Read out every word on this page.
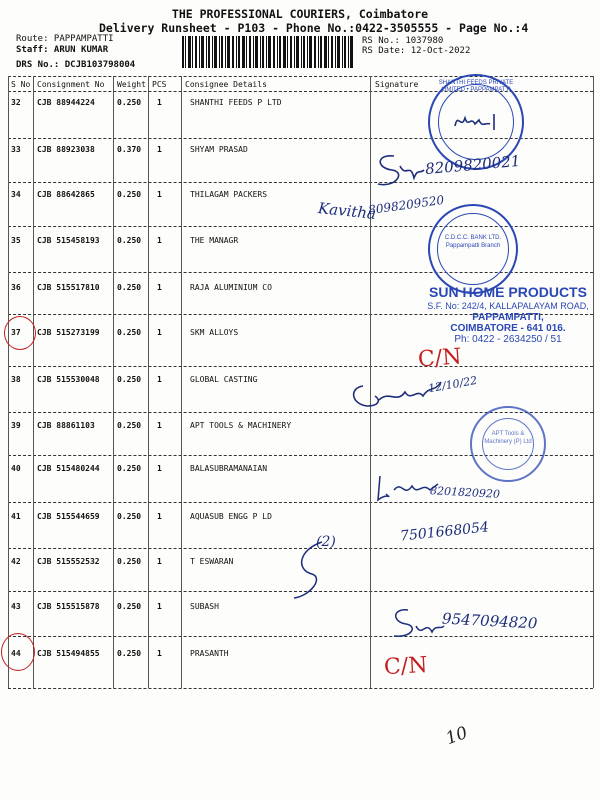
THE PROFESSIONAL COURIERS, Coimbatore
Delivery Runsheet - P103 - Phone No.:0422-3505555 - Page No.:4
Route: PAPPAMPATTI
Staff: ARUN KUMAR
DRS No.: DCJB103798004
RS No.: 1037980
RS Date: 12-Oct-2022
S No Consignment No Weight PCS Consignee Details	Signature
32 CJB 88944224	0.250 1	SHANTHI FEEDS P LTD
33 CJB 88923038	0.370 1	SHYAM PRASAD
34 CJB 88642865	0.250 1	THILAGAM PACKERS
35 CJB 515458193 0.250 1	THE MANAGR
36 CJB 515517810 0.250 1	RAJA ALUMINIUM CO
37 CJB 515273199 0.250 1	SKM ALLOYS
38 CJB 515530048 0.250 1	GLOBAL CASTING
39 CJB 88861103	0.250 1	APT TOOLS & MACHINERY
40 CJB 515480244 0.250 1	BALASUBRAMANAIAN
41 CJB 515544659 0.250 1	AQUASUB ENGG P LD
42 CJB 515552532 0.250 1	T ESWARAN
43 CJB 515515878 0.250 1	SUBASH
44 CJB 515494855 0.250 1	PRASANTH
SHANTHI FEEDS PRIVATE LIMITED • PAPPAMPATTI
8209820021
Kavitha
8098209520
C.D.C.C. BANK LTD. Pappampatti Branch
SUN HOME PRODUCTS
S.F. No: 242/4, KALLAPALAYAM ROAD,
PAPPAMPATTI,
COIMBATORE - 641 016.
Ph: 0422 - 2634250 / 51
C/N
12/10/22
APT Tools & Machinery (P) Ltd
8201820920
(2)	7501668054
9547094820
C/N
10
